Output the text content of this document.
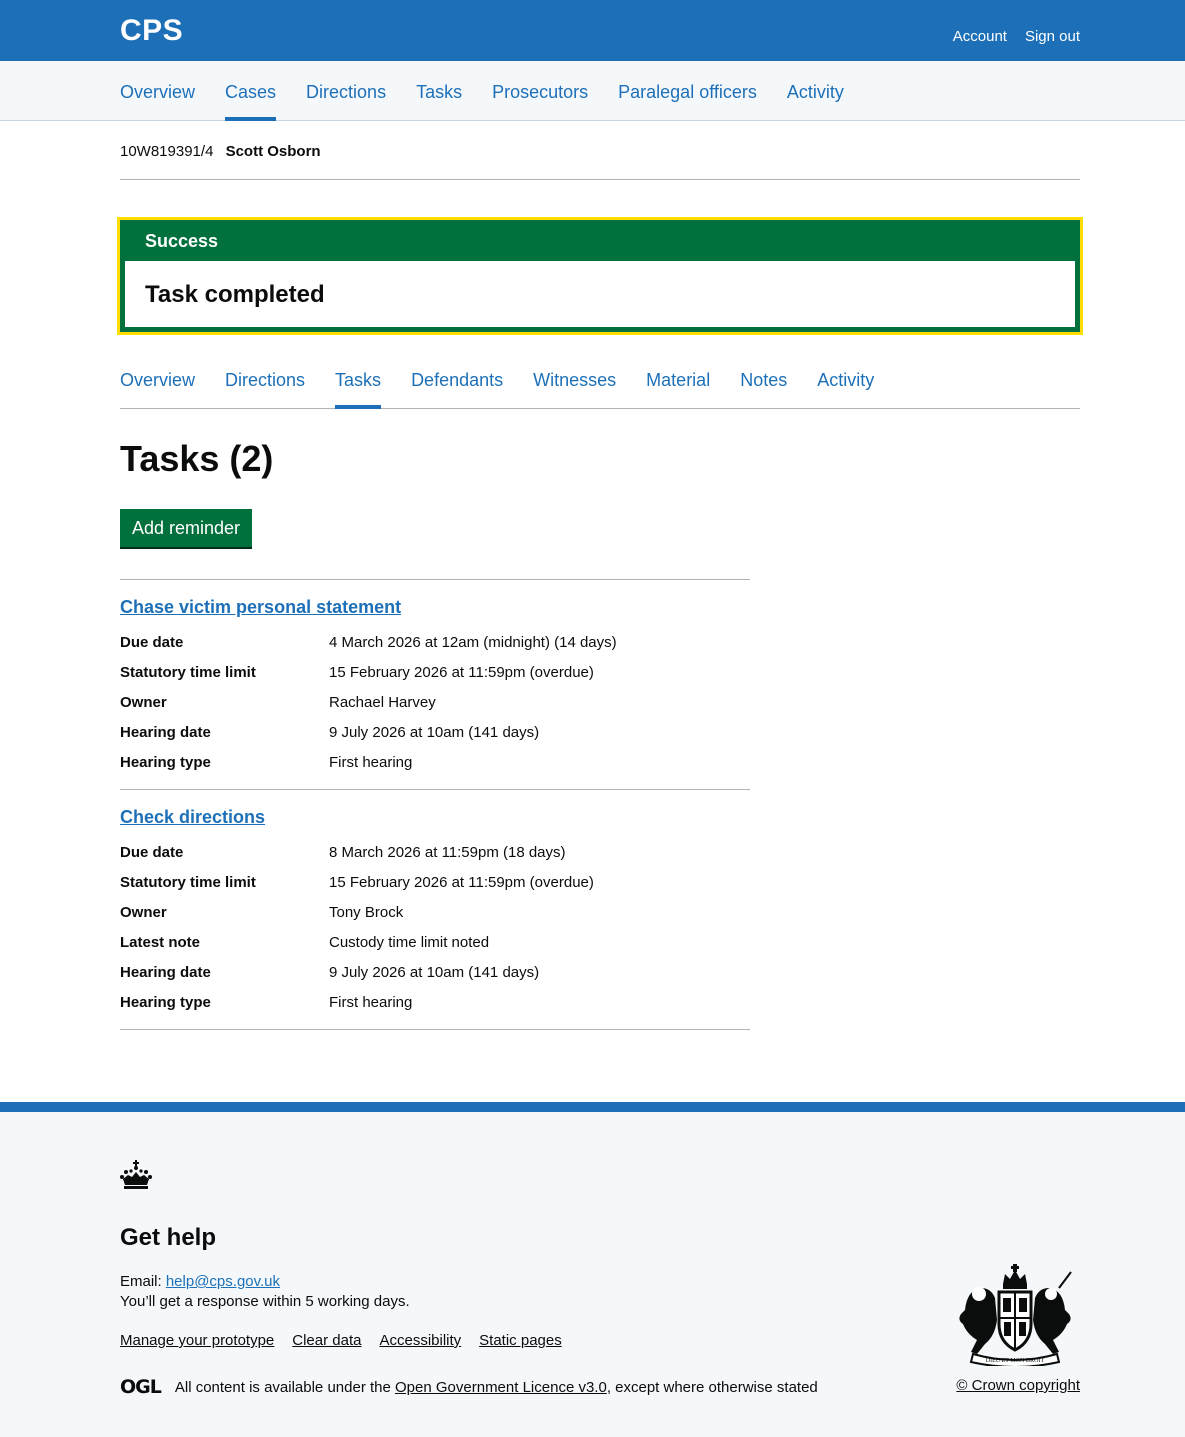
CPS	Account Sign out
Overview Cases Directions Tasks Prosecutors Paralegal officers Activity
10W819391/4 Scott Osborn
Success
Task completed
Overview Directions Tasks Defendants Witnesses Material Notes Activity
Tasks (2)
Add reminder
Chase victim personal statement
Due date	4 March 2026 at 12am (midnight) (14 days)
Statutory time limit	15 February 2026 at 11:59pm (overdue)
Owner	Rachael Harvey
Hearing date	9 July 2026 at 10am (141 days)
Hearing type	First hearing
Check directions
Due date	8 March 2026 at 11:59pm (18 days)
Statutory time limit	15 February 2026 at 11:59pm (overdue)
Owner	Tony Brock
Latest note	Custody time limit noted
Hearing date	9 July 2026 at 10am (141 days)
Hearing type	First hearing
Get help
Email: help@cps.gov.uk
You’ll get a response within 5 working days.
Manage your prototype Clear data Accessibility Static pages
OGL All content is available under the
Open Government Licence v3.0 , except where otherwise stated
DIEU ET MON DROIT
© Crown copyright
